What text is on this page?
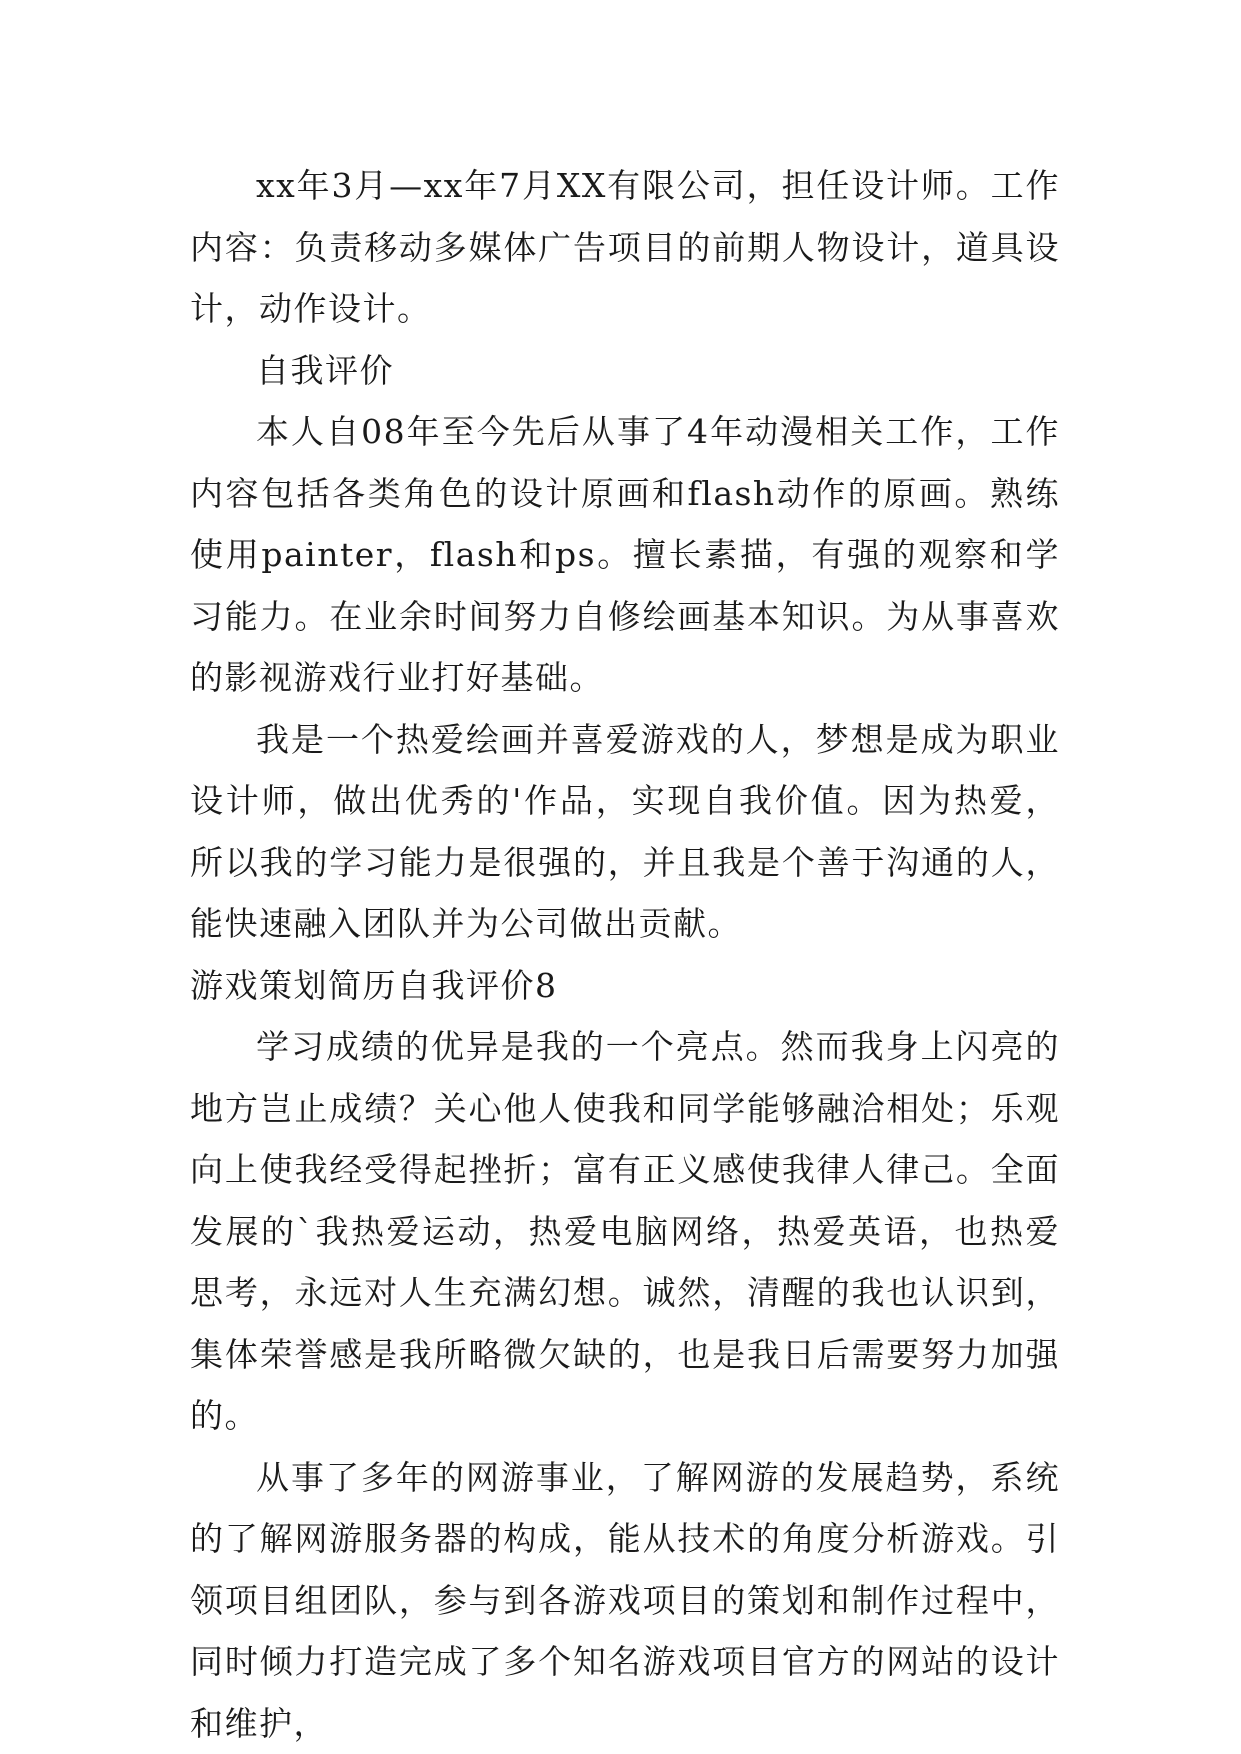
xx年3月—xx年7月XX有限公司，担任设计师。工作内容：负责移动多媒体广告项目的前期人物设计，道具设计，动作设计。

自我评价

本人自08年至今先后从事了4年动漫相关工作，工作内容包括各类角色的设计原画和flash动作的原画。熟练使用painter，flash和ps。擅长素描，有强的观察和学习能力。在业余时间努力自修绘画基本知识。为从事喜欢的影视游戏行业打好基础。

我是一个热爱绘画并喜爱游戏的人，梦想是成为职业设计师，做出优秀的'作品，实现自我价值。因为热爱，所以我的学习能力是很强的，并且我是个善于沟通的人，能快速融入团队并为公司做出贡献。

游戏策划简历自我评价8

学习成绩的优异是我的一个亮点。然而我身上闪亮的地方岂止成绩？关心他人使我和同学能够融洽相处；乐观向上使我经受得起挫折；富有正义感使我律人律己。全面发展的`我热爱运动，热爱电脑网络，热爱英语，也热爱思考，永远对人生充满幻想。诚然，清醒的我也认识到，集体荣誉感是我所略微欠缺的，也是我日后需要努力加强的。

从事了多年的网游事业，了解网游的发展趋势，系统的了解网游服务器的构成，能从技术的角度分析游戏。引领项目组团队，参与到各游戏项目的策划和制作过程中，同时倾力打造完成了多个知名游戏项目官方的网站的设计和维护，
